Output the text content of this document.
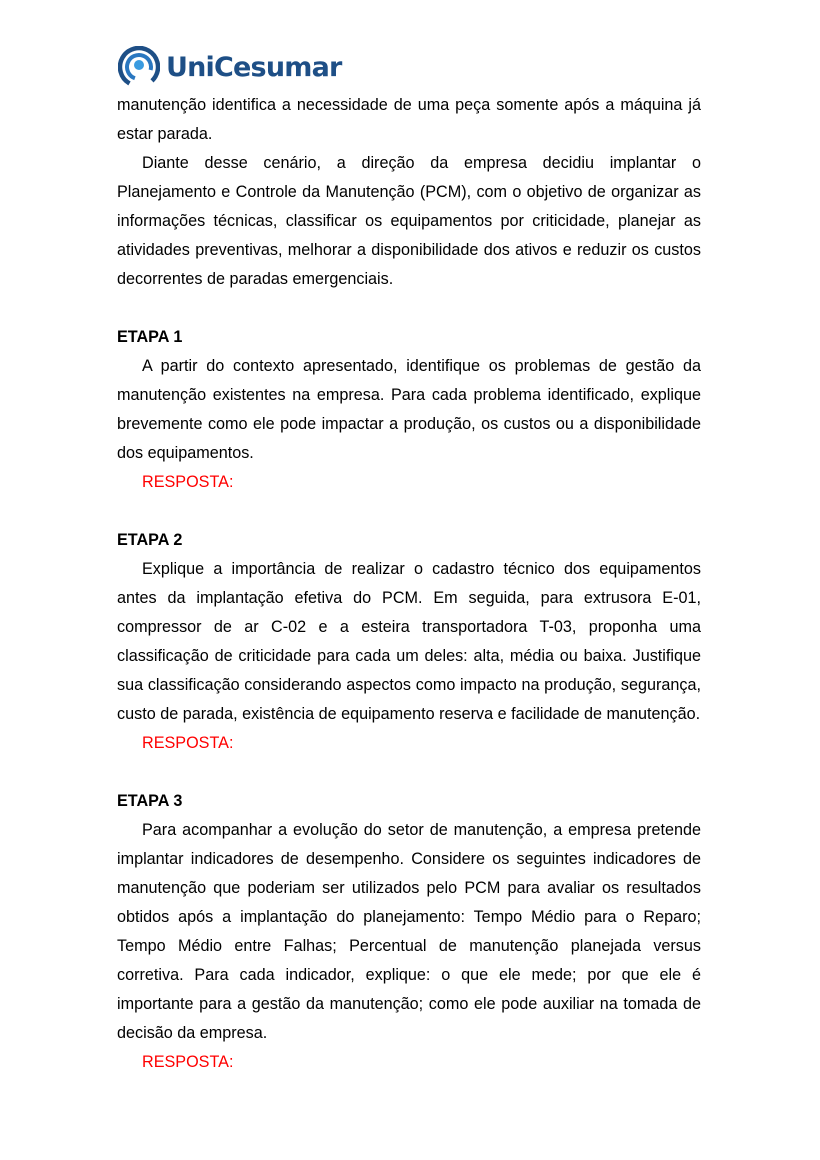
UniCesumar

manutenção identifica a necessidade de uma peça somente após a máquina já estar parada.

Diante desse cenário, a direção da empresa decidiu implantar o Planejamento e Controle da Manutenção (PCM), com o objetivo de organizar as informações técnicas, classificar os equipamentos por criticidade, planejar as atividades preventivas, melhorar a disponibilidade dos ativos e reduzir os custos decorrentes de paradas emergenciais.

ETAPA 1

A partir do contexto apresentado, identifique os problemas de gestão da manutenção existentes na empresa. Para cada problema identificado, explique brevemente como ele pode impactar a produção, os custos ou a disponibilidade dos equipamentos.

RESPOSTA:

ETAPA 2

Explique a importância de realizar o cadastro técnico dos equipamentos antes da implantação efetiva do PCM. Em seguida, para extrusora E-01, compressor de ar C-02 e a esteira transportadora T-03, proponha uma classificação de criticidade para cada um deles: alta, média ou baixa. Justifique sua classificação considerando aspectos como impacto na produção, segurança, custo de parada, existência de equipamento reserva e facilidade de manutenção.

RESPOSTA:

ETAPA 3

Para acompanhar a evolução do setor de manutenção, a empresa pretende implantar indicadores de desempenho. Considere os seguintes indicadores de manutenção que poderiam ser utilizados pelo PCM para avaliar os resultados obtidos após a implantação do planejamento: Tempo Médio para o Reparo; Tempo Médio entre Falhas; Percentual de manutenção planejada versus corretiva. Para cada indicador, explique: o que ele mede; por que ele é importante para a gestão da manutenção; como ele pode auxiliar na tomada de decisão da empresa.

RESPOSTA:
